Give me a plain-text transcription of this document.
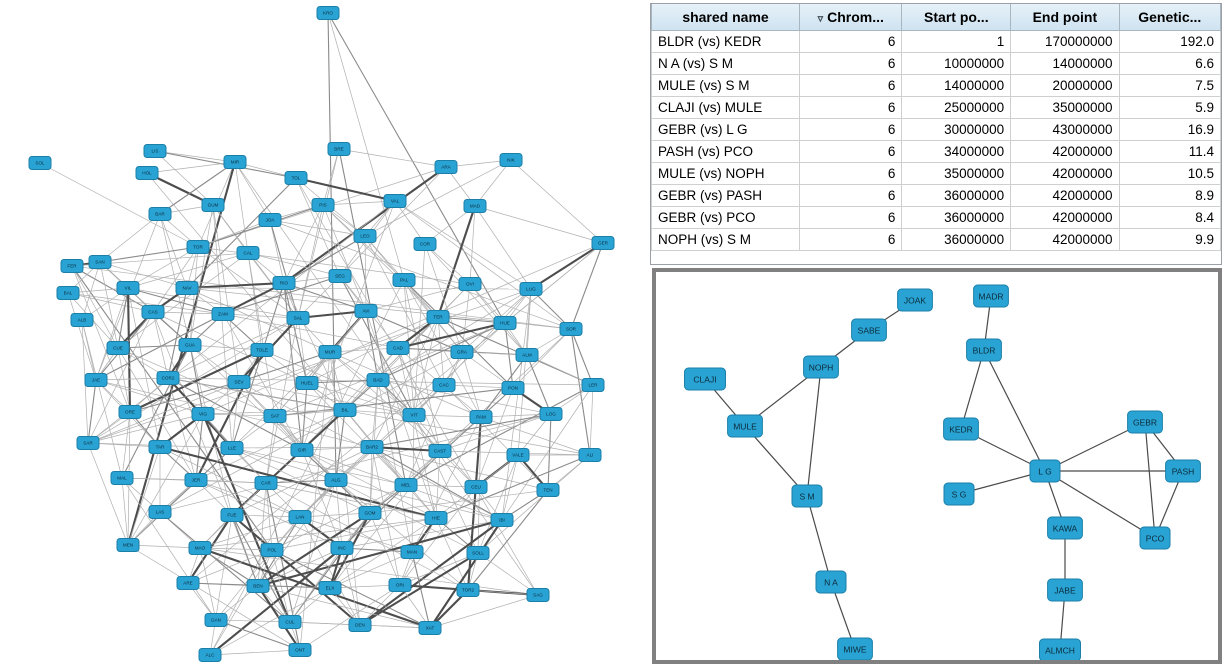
KRO
SOL
LIS
HOL
BRE
MIR	NIK
ARA
TOL
BAR
GUM	PIS
VAL
MAD
JOA
FER
SAN
TOR
CAL
LEO
COR	GER
BAL
VIL	NAV
RIO
SEG
PAL
OVI
LUG
ALB
CAS	ZAM
SAL
AVI
TER
HUE
SOR
CUE
GUA
TOLE	MUR
CAD
GRA
ALM
JAE	COR2
SEV	HUEL
BAD
CAC
PON
LER
ORE	VIG	SAT
BIL
VIT	PAM
LOG
SAR
TAR	LLE	GIR
BAR2
CAST
VALE	ALI
MAL	JER
CAR
ALG
MEL	CEU
TEN
LAS
FUE	LAN
GOM
HIE	IBI
MEN
MAO	POL	INC
MAN	SOLL
ARE
BEN	ELX
ORI
TOR2
SAG
GAN	CUL
DEN
XAT
ALC
ONT
shared name	▿ Chrom...	Start po...	End point	Genetic...
BLDR (vs) KEDR	6	1	170000000	192.0
N A (vs) S M	6	10000000	14000000	6.6
MULE (vs) S M	6	14000000	20000000	7.5
CLAJI (vs) MULE	6	25000000	35000000	5.9
GEBR (vs) L G	6	30000000	43000000	16.9
PASH (vs) PCO	6	34000000	42000000	11.4
MULE (vs) NOPH	6	35000000	42000000	10.5
GEBR (vs) PASH	6	36000000	42000000	8.9
GEBR (vs) PCO	6	36000000	42000000	8.4
NOPH (vs) S M	6	36000000	42000000	9.9
CLAJI
MULE
NOPH
SABE
JOAK
S M
N A
MIWE
MADR
BLDR
KEDR
S G
L G
GEBR
PASH
PCO
KAWA
JABE
ALMCH
